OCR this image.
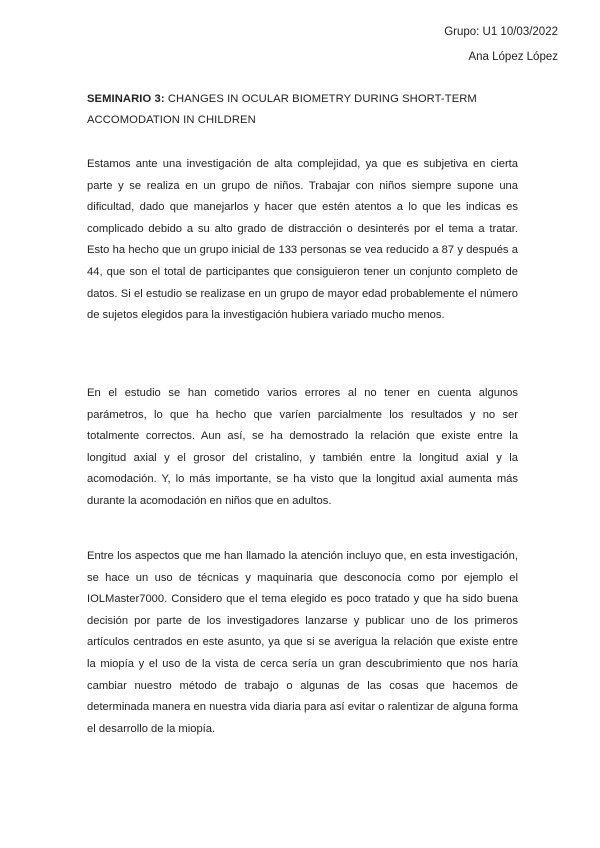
Grupo: U1 10/03/2022
Ana López López
SEMINARIO 3: CHANGES IN OCULAR BIOMETRY DURING SHORT-TERM ACCOMODATION IN CHILDREN

Estamos ante una investigación de alta complejidad, ya que es subjetiva en cierta parte y se realiza en un grupo de niños. Trabajar con niños siempre supone una dificultad, dado que manejarlos y hacer que estén atentos a lo que les indicas es complicado debido a su alto grado de distracción o desinterés por el tema a tratar. Esto ha hecho que un grupo inicial de 133 personas se vea reducido a 87 y después a 44, que son el total de participantes que consiguieron tener un conjunto completo de datos. Si el estudio se realizase en un grupo de mayor edad probablemente el número de sujetos elegidos para la investigación hubiera variado mucho menos.

En el estudio se han cometido varios errores al no tener en cuenta algunos parámetros, lo que ha hecho que varíen parcialmente los resultados y no ser totalmente correctos. Aun así, se ha demostrado la relación que existe entre la longitud axial y el grosor del cristalino, y también entre la longitud axial y la acomodación. Y, lo más importante, se ha visto que la longitud axial aumenta más durante la acomodación en niños que en adultos.

Entre los aspectos que me han llamado la atención incluyo que, en esta investigación, se hace un uso de técnicas y maquinaria que desconocía como por ejemplo el IOLMaster7000. Considero que el tema elegido es poco tratado y que ha sido buena decisión por parte de los investigadores lanzarse y publicar uno de los primeros artículos centrados en este asunto, ya que si se averigua la relación que existe entre la miopía y el uso de la vista de cerca sería un gran descubrimiento que nos haría cambiar nuestro método de trabajo o algunas de las cosas que hacemos de determinada manera en nuestra vida diaria para así evitar o ralentizar de alguna forma el desarrollo de la miopía.
